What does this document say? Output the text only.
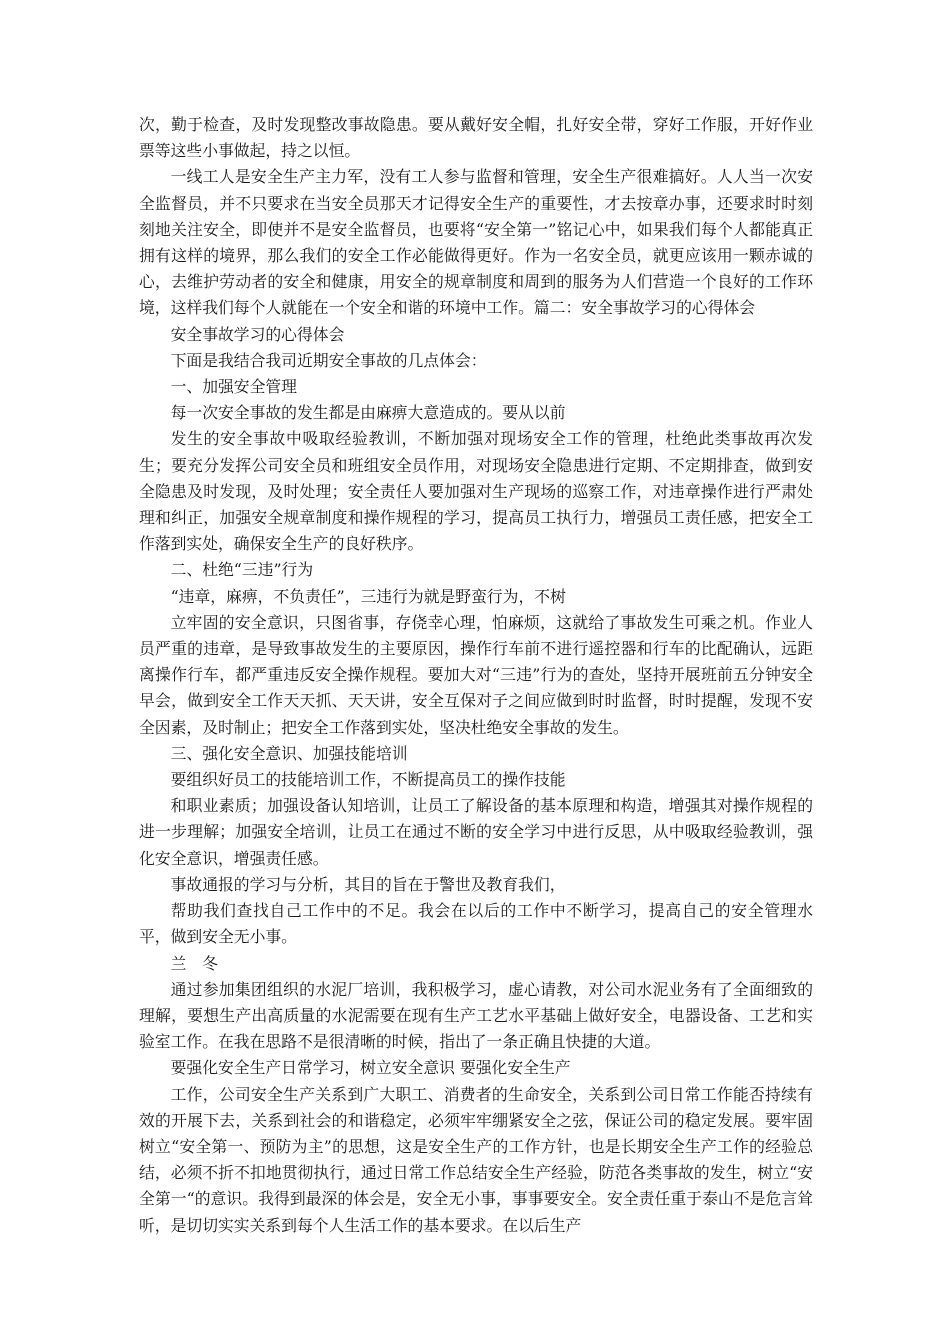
次，勤于检查，及时发现整改事故隐患。要从戴好安全帽，扎好安全带，穿好工作服，开好作业票等这些小事做起，持之以恒。

一线工人是安全生产主力军，没有工人参与监督和管理，安全生产很难搞好。人人当一次安全监督员，并不只要求在当安全员那天才记得安全生产的重要性，才去按章办事，还要求时时刻刻地关注安全，即使并不是安全监督员，也要将“安全第一”铭记心中，如果我们每个人都能真正拥有这样的境界，那么我们的安全工作必能做得更好。作为一名安全员，就更应该用一颗赤诚的心，去维护劳动者的安全和健康，用安全的规章制度和周到的服务为人们营造一个良好的工作环境，这样我们每个人就能在一个安全和谐的环境中工作。篇二：安全事故学习的心得体会

安全事故学习的心得体会

下面是我结合我司近期安全事故的几点体会：

一、加强安全管理

每一次安全事故的发生都是由麻痹大意造成的。要从以前

发生的安全事故中吸取经验教训，不断加强对现场安全工作的管理，杜绝此类事故再次发生；要充分发挥公司安全员和班组安全员作用，对现场安全隐患进行定期、不定期排查，做到安全隐患及时发现，及时处理；安全责任人要加强对生产现场的巡察工作，对违章操作进行严肃处理和纠正，加强安全规章制度和操作规程的学习，提高员工执行力，增强员工责任感，把安全工作落到实处，确保安全生产的良好秩序。

二、杜绝“三违”行为

“违章，麻痹，不负责任”，三违行为就是野蛮行为，不树

立牢固的安全意识，只图省事，存侥幸心理，怕麻烦，这就给了事故发生可乘之机。作业人员严重的违章，是导致事故发生的主要原因，操作行车前不进行遥控器和行车的比配确认，远距离操作行车，都严重违反安全操作规程。要加大对“三违”行为的查处，坚持开展班前五分钟安全早会，做到安全工作天天抓、天天讲，安全互保对子之间应做到时时监督，时时提醒，发现不安全因素，及时制止；把安全工作落到实处，坚决杜绝安全事故的发生。

三、强化安全意识、加强技能培训

要组织好员工的技能培训工作，不断提高员工的操作技能

和职业素质；加强设备认知培训，让员工了解设备的基本原理和构造，增强其对操作规程的进一步理解；加强安全培训，让员工在通过不断的安全学习中进行反思，从中吸取经验教训，强化安全意识，增强责任感。

事故通报的学习与分析，其目的旨在于警世及教育我们，

帮助我们查找自己工作中的不足。我会在以后的工作中不断学习，提高自己的安全管理水平，做到安全无小事。

兰　冬

通过参加集团组织的水泥厂培训，我积极学习，虚心请教，对公司水泥业务有了全面细致的理解，要想生产出高质量的水泥需要在现有生产工艺水平基础上做好安全，电器设备、工艺和实验室工作。在我在思路不是很清晰的时候，指出了一条正确且快捷的大道。

要强化安全生产日常学习，树立安全意识 要强化安全生产

工作，公司安全生产关系到广大职工、消费者的生命安全，关系到公司日常工作能否持续有效的开展下去，关系到社会的和谐稳定，必须牢牢绷紧安全之弦，保证公司的稳定发展。要牢固树立“安全第一、预防为主”的思想，这是安全生产的工作方针，也是长期安全生产工作的经验总结，必须不折不扣地贯彻执行，通过日常工作总结安全生产经验，防范各类事故的发生，树立“安全第一“的意识。我得到最深的体会是，安全无小事，事事要安全。安全责任重于泰山不是危言耸听，是切切实实关系到每个人生活工作的基本要求。在以后生产
